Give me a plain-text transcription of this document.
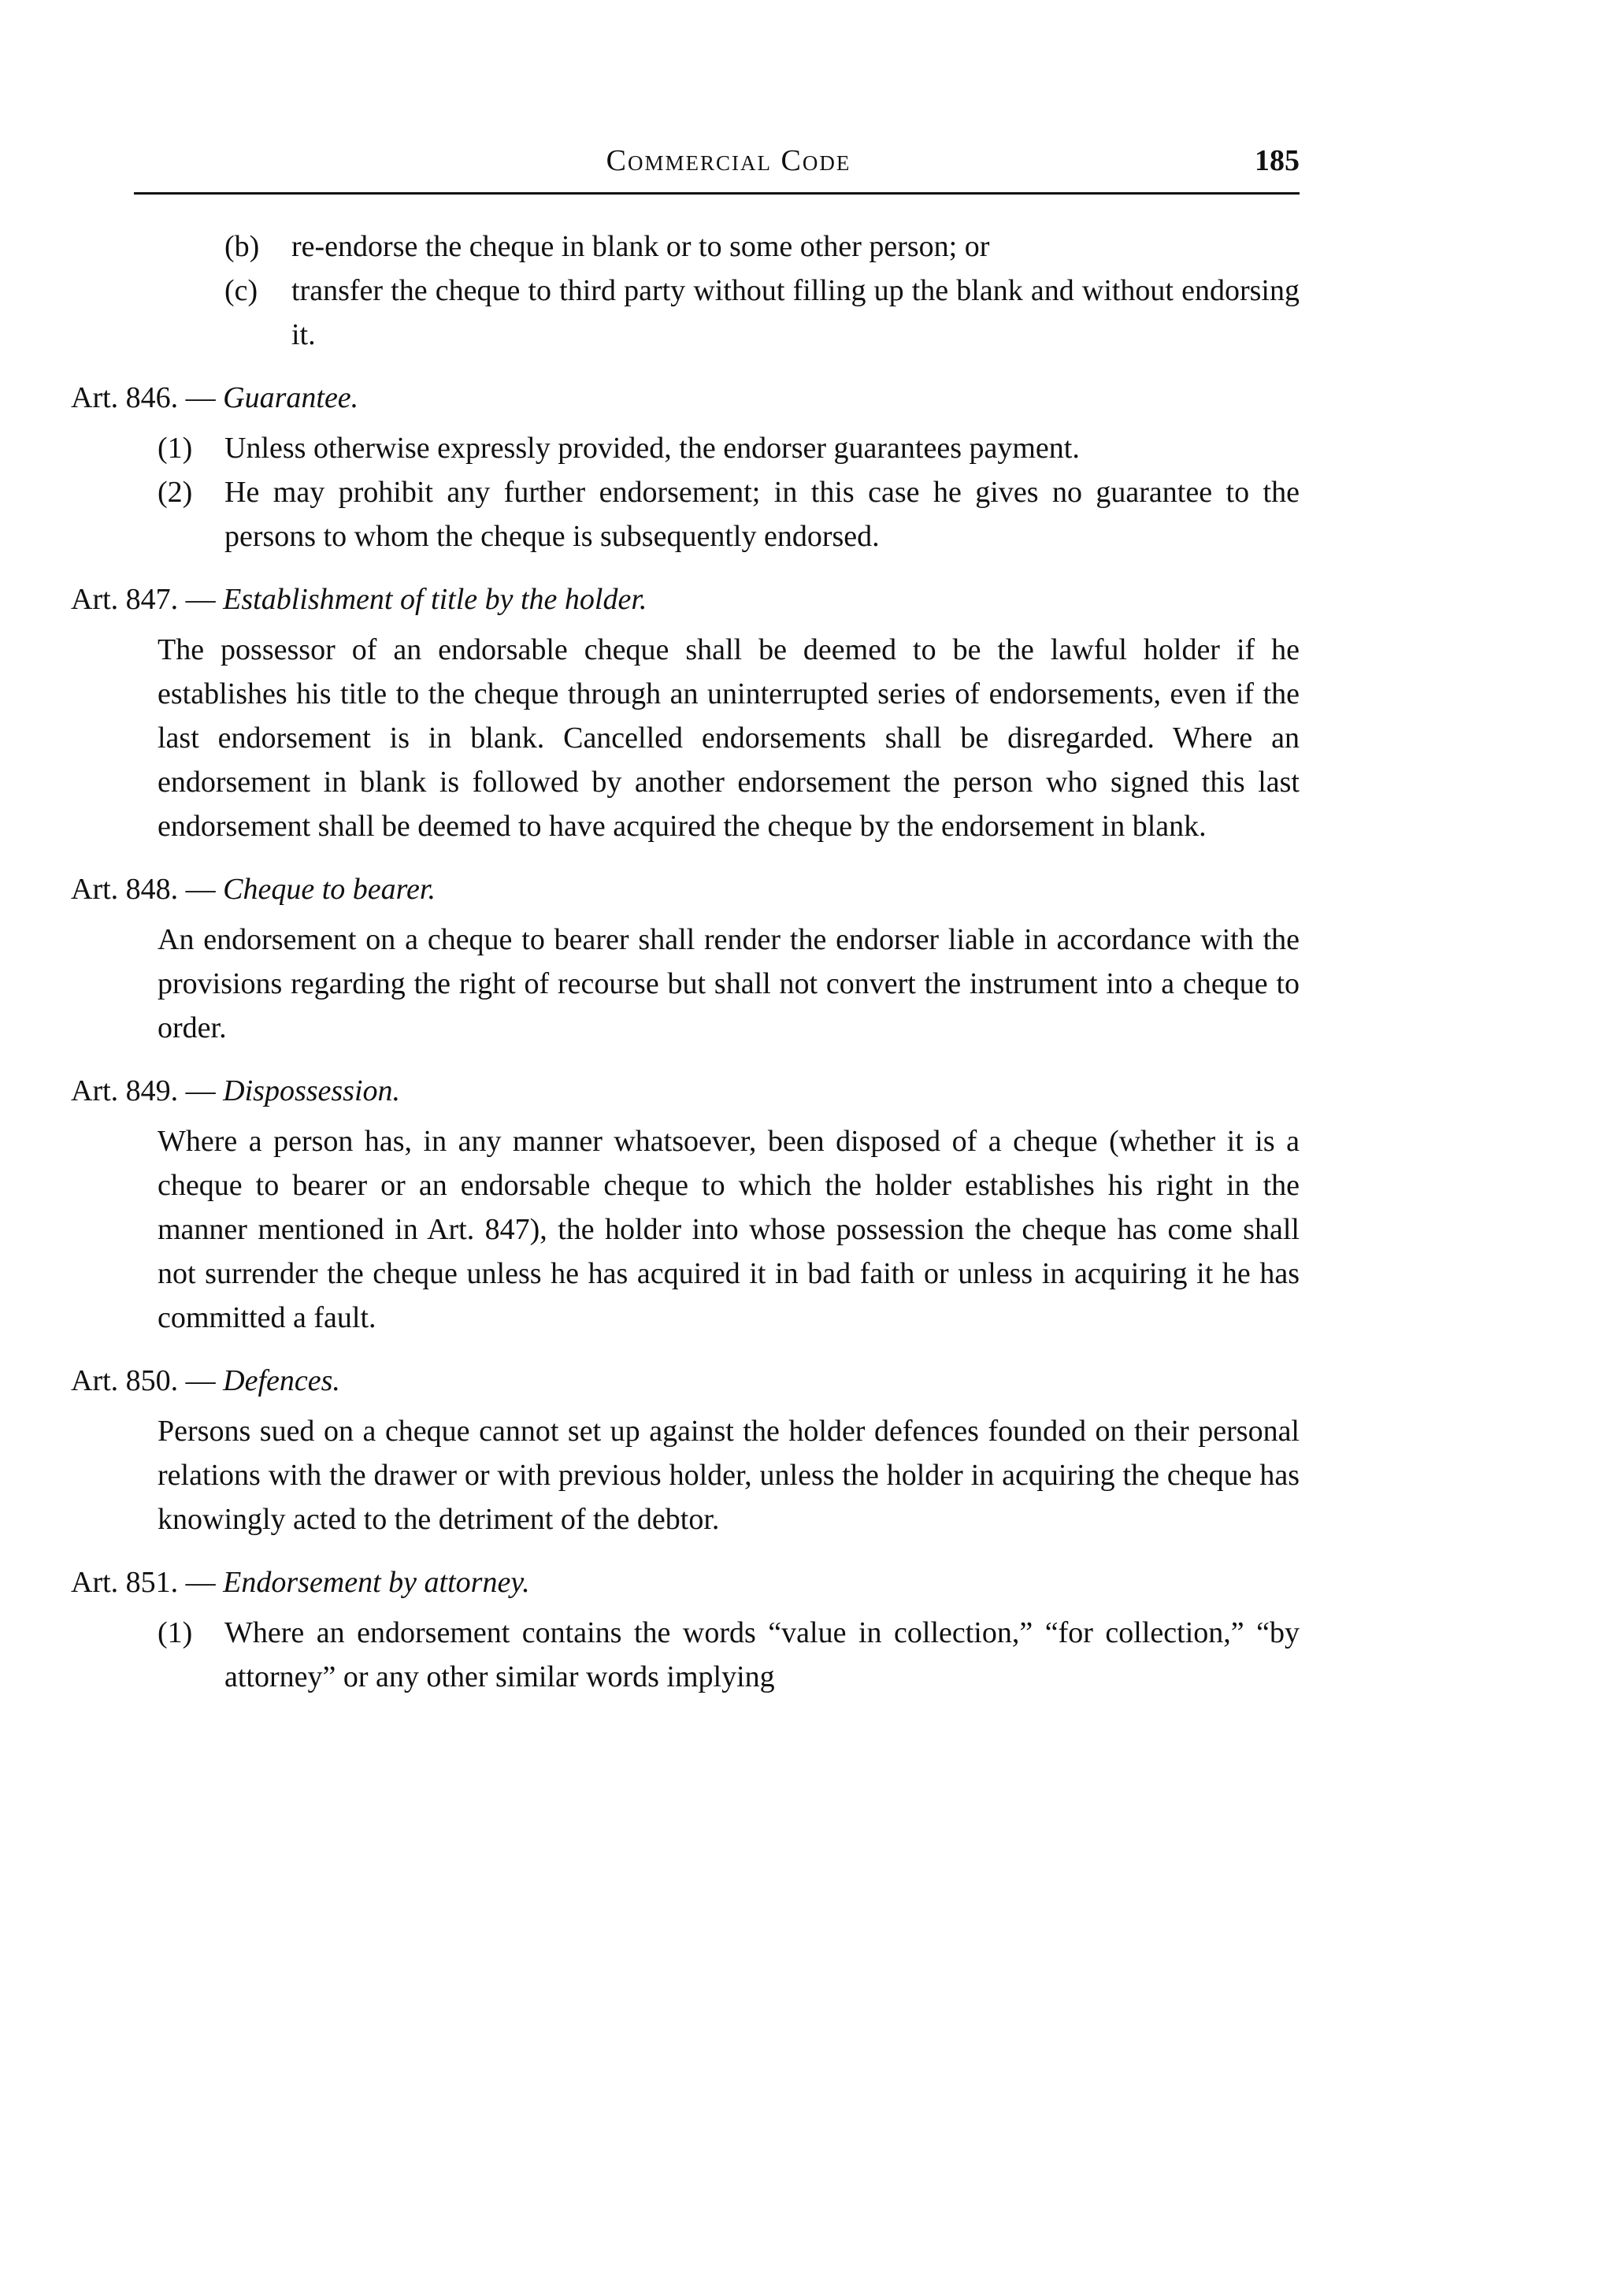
Commercial Code	185
(b) re-endorse the cheque in blank or to some other person; or
(c) transfer the cheque to third party without filling up the blank and without endorsing it.
Art. 846. — Guarantee.
(1) Unless otherwise expressly provided, the endorser guarantees payment.
(2) He may prohibit any further endorsement; in this case he gives no guarantee to the persons to whom the cheque is subsequently endorsed.
Art. 847. — Establishment of title by the holder.
The possessor of an endorsable cheque shall be deemed to be the lawful holder if he establishes his title to the cheque through an uninterrupted series of endorsements, even if the last endorsement is in blank. Cancelled endorsements shall be disregarded. Where an endorsement in blank is followed by another endorsement the person who signed this last endorsement shall be deemed to have acquired the cheque by the endorsement in blank.
Art. 848. — Cheque to bearer.
An endorsement on a cheque to bearer shall render the endorser liable in accordance with the provisions regarding the right of recourse but shall not convert the instrument into a cheque to order.
Art. 849. — Dispossession.
Where a person has, in any manner whatsoever, been disposed of a cheque (whether it is a cheque to bearer or an endorsable cheque to which the holder establishes his right in the manner mentioned in Art. 847), the holder into whose possession the cheque has come shall not surrender the cheque unless he has acquired it in bad faith or unless in acquiring it he has committed a fault.
Art. 850. — Defences.
Persons sued on a cheque cannot set up against the holder defences founded on their personal relations with the drawer or with previous holder, unless the holder in acquiring the cheque has knowingly acted to the detriment of the debtor.
Art. 851. — Endorsement by attorney.
(1) Where an endorsement contains the words “value in collection,” “for collection,” “by attorney” or any other similar words implying
